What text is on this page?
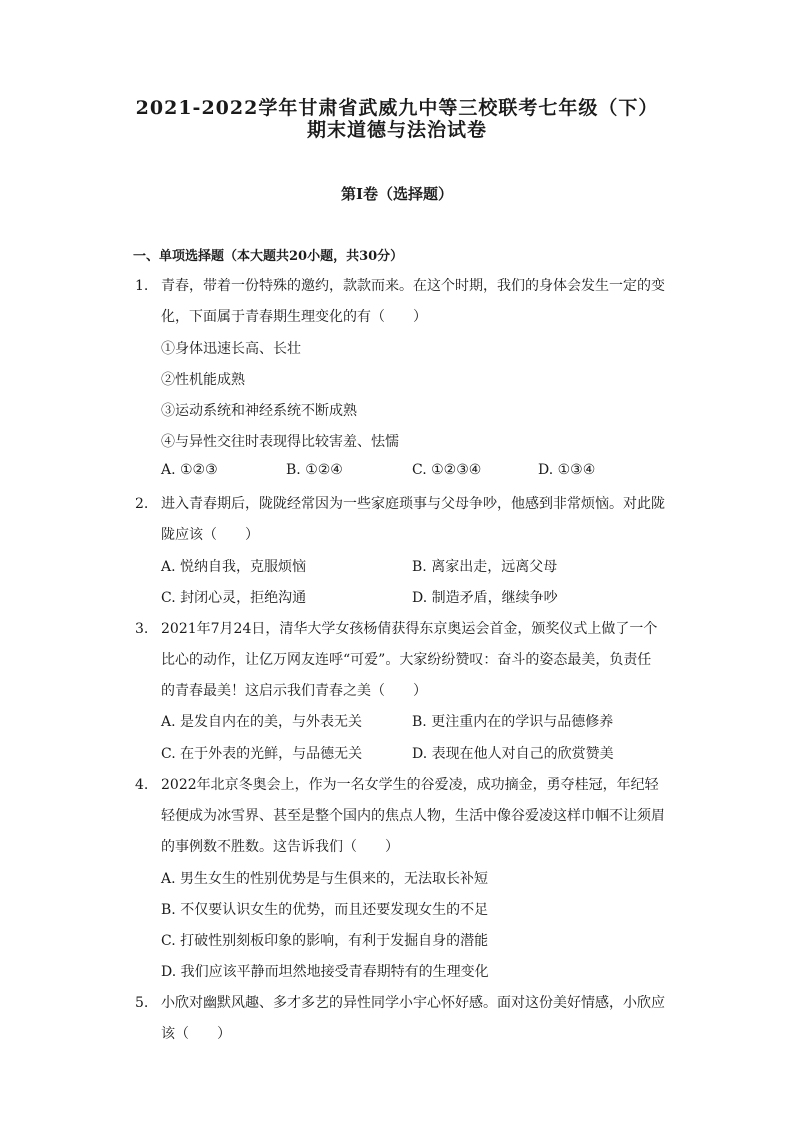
2021-2022学年甘肃省武威九中等三校联考七年级（下）
期末道德与法治试卷
第I卷（选择题）
一、单项选择题（本大题共20小题，共30分）
1. 青春，带着一份特殊的邀约，款款而来。在这个时期，我们的身体会发生一定的变
化，下面属于青春期生理变化的有（　　）
①身体迅速长高、长壮
②性机能成熟
③运动系统和神经系统不断成熟
④与异性交往时表现得比较害羞、怯懦
A. ①②③	B. ①②④	C. ①②③④	D. ①③④
2. 进入青春期后，陇陇经常因为一些家庭琐事与父母争吵，他感到非常烦恼。对此陇
陇应该（　　）
A. 悦纳自我，克服烦恼	B. 离家出走，远离父母
C. 封闭心灵，拒绝沟通	D. 制造矛盾，继续争吵
3. 2021年7月24日，清华大学女孩杨倩获得东京奥运会首金，颁奖仪式上做了一个
比心的动作，让亿万网友连呼“可爱”。大家纷纷赞叹：奋斗的姿态最美，负责任
的青春最美！这启示我们青春之美（　　）
A. 是发自内在的美，与外表无关	B. 更注重内在的学识与品德修养
C. 在于外表的光鲜，与品德无关	D. 表现在他人对自己的欣赏赞美
4. 2022年北京冬奥会上，作为一名女学生的谷爱凌，成功摘金，勇夺桂冠，年纪轻
轻便成为冰雪界、甚至是整个国内的焦点人物，生活中像谷爱凌这样巾帼不让须眉
的事例数不胜数。这告诉我们（　　）
A. 男生女生的性别优势是与生俱来的，无法取长补短
B. 不仅要认识女生的优势，而且还要发现女生的不足
C. 打破性别刻板印象的影响，有利于发掘自身的潜能
D. 我们应该平静而坦然地接受青春期特有的生理变化
5. 小欣对幽默风趣、多才多艺的异性同学小宇心怀好感。面对这份美好情感，小欣应
该（　　）
